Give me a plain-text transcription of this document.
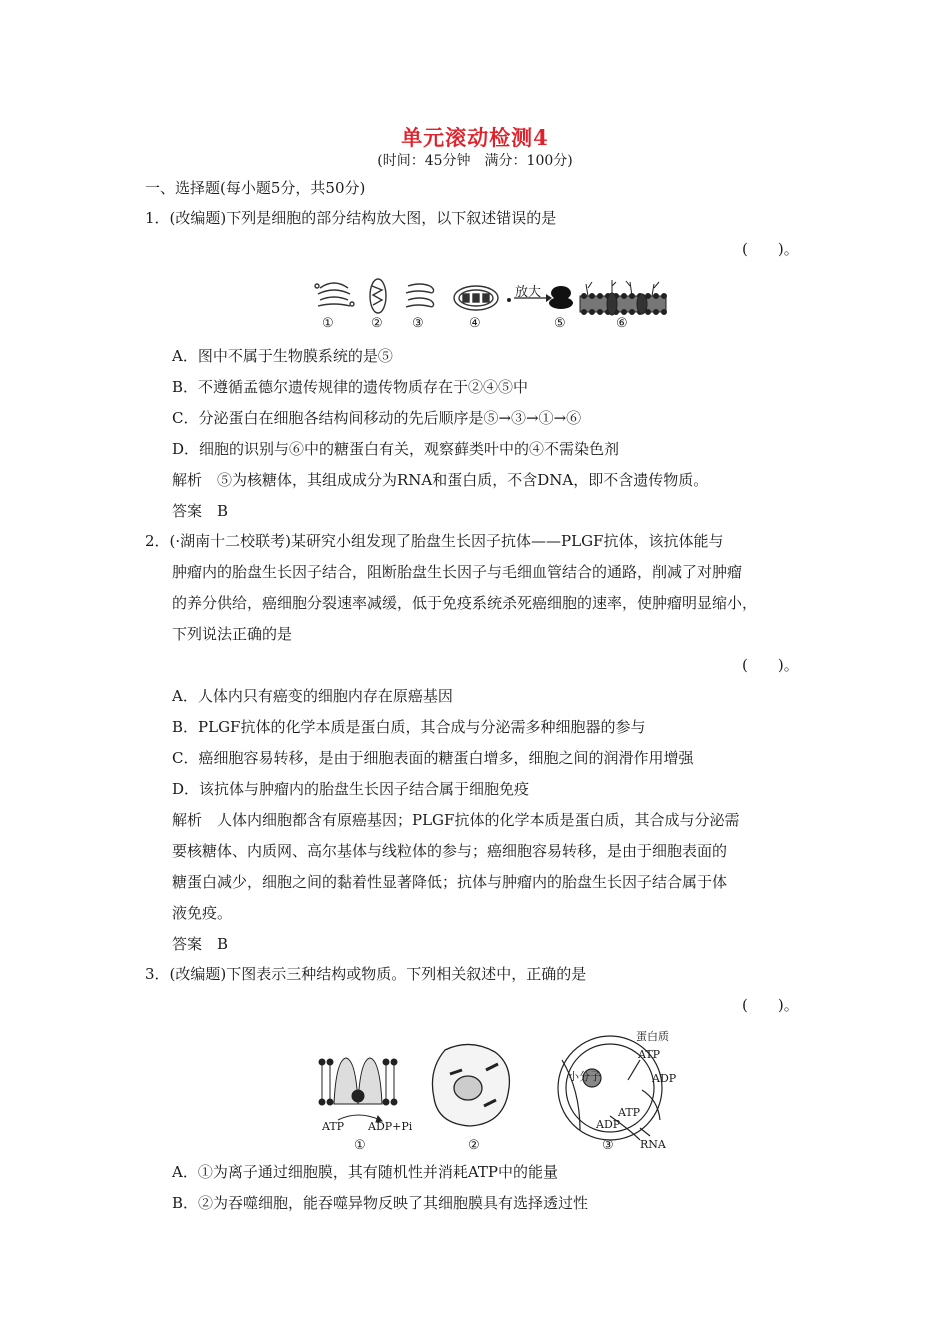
单元滚动检测4
(时间：45分钟　满分：100分)
一、选择题(每小题5分，共50分)
1．(改编题)下列是细胞的部分结构放大图，以下叙述错误的是
(　　)。
放大
①	② ③	④	⑤	⑥
A．图中不属于生物膜系统的是⑤
B．不遵循孟德尔遗传规律的遗传物质存在于②④⑤中
C．分泌蛋白在细胞各结构间移动的先后顺序是⑤→③→①→⑥
D．细胞的识别与⑥中的糖蛋白有关，观察藓类叶中的④不需染色剂
解析　⑤为核糖体，其组成成分为RNA和蛋白质，不含DNA，即不含遗传物质。
答案　B
2．(·湖南十二校联考)某研究小组发现了胎盘生长因子抗体——PLGF抗体，该抗体能与
肿瘤内的胎盘生长因子结合，阻断胎盘生长因子与毛细血管结合的通路，削减了对肿瘤
的养分供给，癌细胞分裂速率减缓，低于免疫系统杀死癌细胞的速率，使肿瘤明显缩小，
下列说法正确的是
(　　)。
A．人体内只有癌变的细胞内存在原癌基因
B．PLGF抗体的化学本质是蛋白质，其合成与分泌需多种细胞器的参与
C．癌细胞容易转移，是由于细胞表面的糖蛋白增多，细胞之间的润滑作用增强
D．该抗体与肿瘤内的胎盘生长因子结合属于细胞免疫
解析　人体内细胞都含有原癌基因；PLGF抗体的化学本质是蛋白质，其合成与分泌需
要核糖体、内质网、高尔基体与线粒体的参与；癌细胞容易转移，是由于细胞表面的
糖蛋白减少，细胞之间的黏着性显著降低；抗体与肿瘤内的胎盘生长因子结合属于体
液免疫。
答案　B
3．(改编题)下图表示三种结构或物质。下列相关叙述中，正确的是
(　　)。
ATP ADP+Pi
蛋白质
ATP
小分子	ADP
ATP
ADP
RNA
①	②	③
A．①为离子通过细胞膜，其有随机性并消耗ATP中的能量
B．②为吞噬细胞，能吞噬异物反映了其细胞膜具有选择透过性
